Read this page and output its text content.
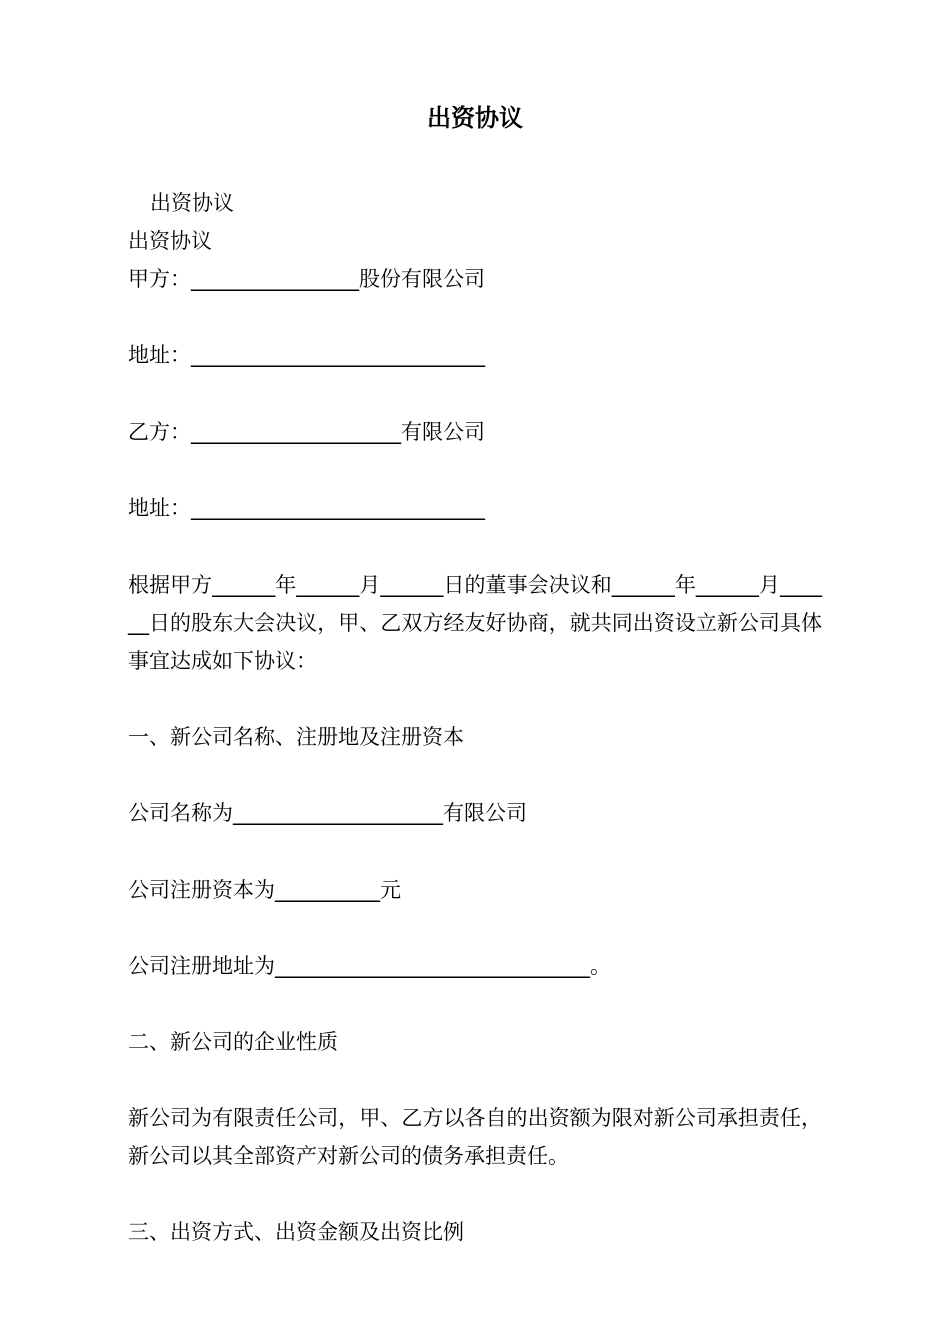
出资协议
出资协议
出资协议
甲方：________________股份有限公司
地址：____________________________
乙方：____________________有限公司
地址：____________________________
根据甲方______年______月______日的董事会决议和______年______月______日的股东大会决议，甲、乙双方经友好协商，就共同出资设立新公司具体事宜达成如下协议：
一、新公司名称、注册地及注册资本
公司名称为____________________有限公司
公司注册资本为__________元
公司注册地址为______________________________。
二、新公司的企业性质
新公司为有限责任公司，甲、乙方以各自的出资额为限对新公司承担责任，新公司以其全部资产对新公司的债务承担责任。
三、出资方式、出资金额及出资比例
